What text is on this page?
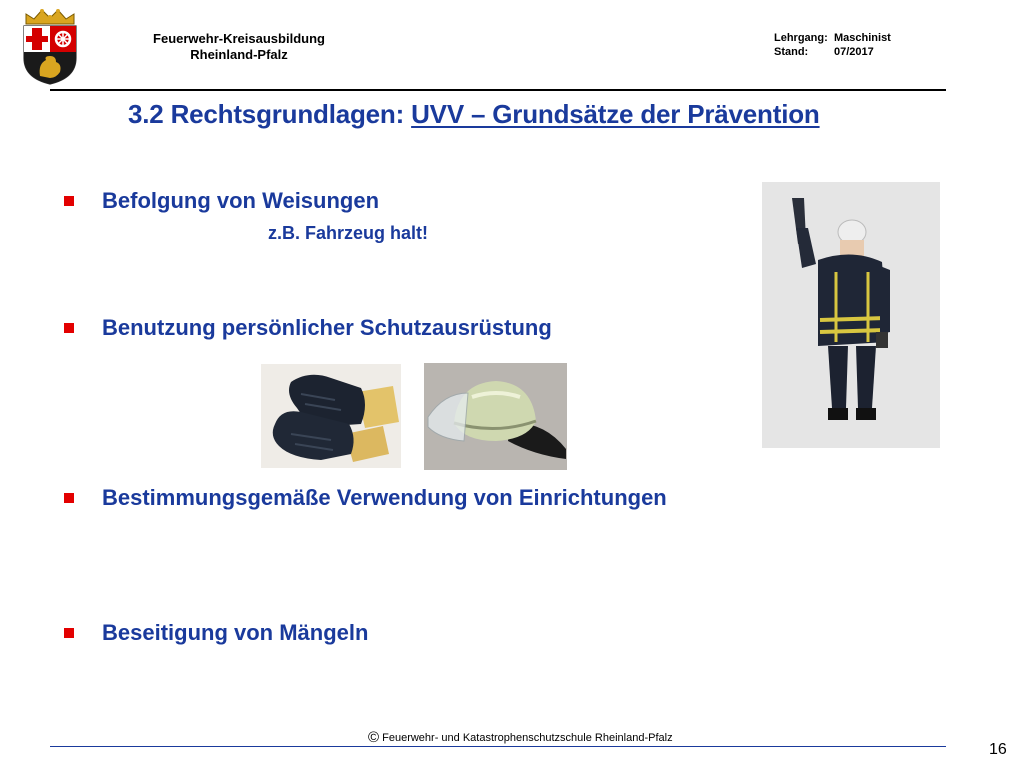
Feuerwehr-Kreisausbildung
Rheinland-Pfalz
Lehrgang: Maschinist
Stand:	07/2017
3.2 Rechtsgrundlagen: UVV – Grundsätze der Prävention
Befolgung von Weisungen
z.B. Fahrzeug halt!
Benutzung persönlicher Schutzausrüstung
Bestimmungsgemäße Verwendung von Einrichtungen
Beseitigung von Mängeln
© Feuerwehr- und Katastrophenschutzschule Rheinland-Pfalz
16
